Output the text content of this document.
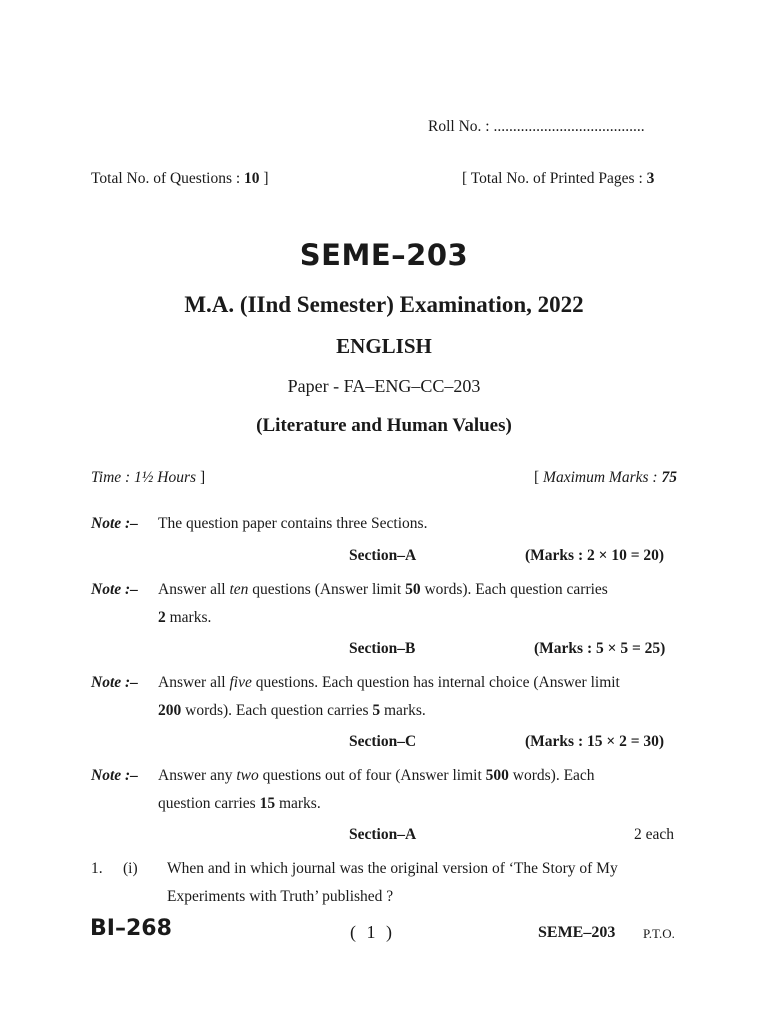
Roll No. : .......................................
Total No. of Questions : 10 ]	[ Total No. of Printed Pages : 3
SEME–203
M.A. (IInd Semester) Examination, 2022
ENGLISH
Paper - FA–ENG–CC–203
(Literature and Human Values)
Time : 1½ Hours ]	[ Maximum Marks : 75
Note :– The question paper contains three Sections.
Section–A	(Marks : 2 × 10 = 20)
Note :– Answer all ten questions (Answer limit 50 words). Each question carries
2 marks.
Section–B	(Marks : 5 × 5 = 25)
Note :– Answer all five questions. Each question has internal choice (Answer limit
200 words). Each question carries 5 marks.
Section–C	(Marks : 15 × 2 = 30)
Note :– Answer any two questions out of four (Answer limit 500 words). Each
question carries 15 marks.
Section–A	2 each
1. (i) When and in which journal was the original version of ‘The Story of My
Experiments with Truth’ published ?
BI–268	( 1 )	SEME–203 P.T.O.
